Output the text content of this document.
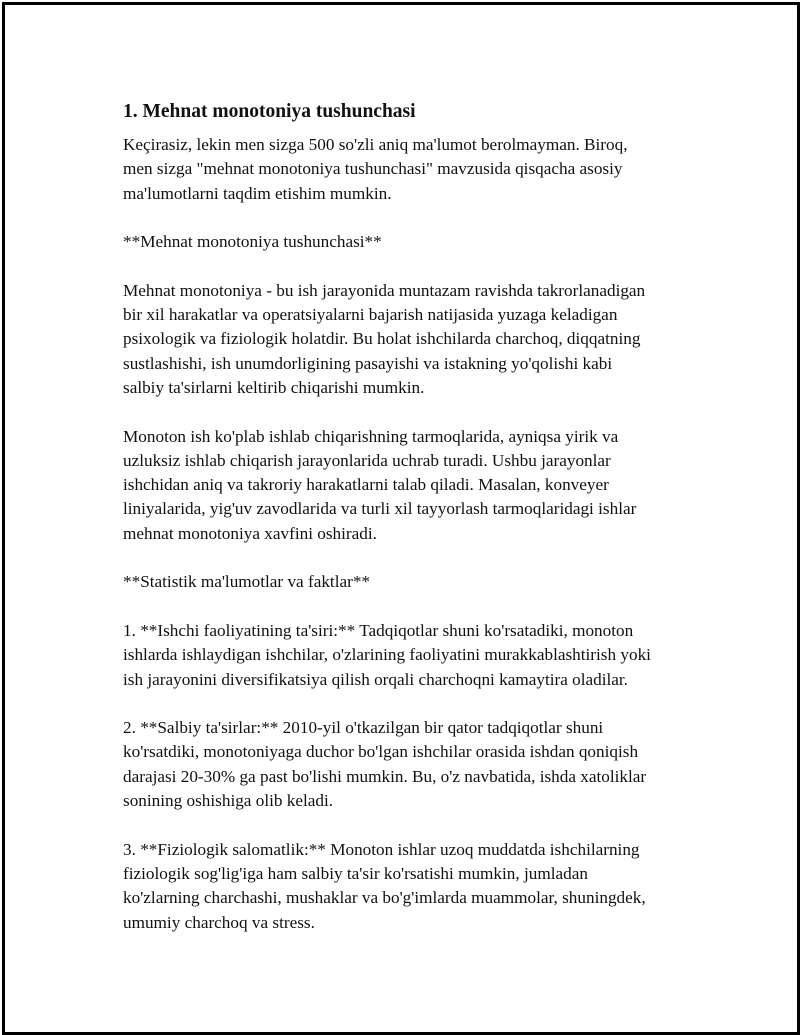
1. Mehnat monotoniya tushunchasi
Keçirasiz, lekin men sizga 500 so'zli aniq ma'lumot berolmayman. Biroq,
men sizga "mehnat monotoniya tushunchasi" mavzusida qisqacha asosiy
ma'lumotlarni taqdim etishim mumkin.
**Mehnat monotoniya tushunchasi**
Mehnat monotoniya - bu ish jarayonida muntazam ravishda takrorlanadigan
bir xil harakatlar va operatsiyalarni bajarish natijasida yuzaga keladigan
psixologik va fiziologik holatdir. Bu holat ishchilarda charchoq, diqqatning
sustlashishi, ish unumdorligining pasayishi va istakning yo'qolishi kabi
salbiy ta'sirlarni keltirib chiqarishi mumkin.
Monoton ish ko'plab ishlab chiqarishning tarmoqlarida, ayniqsa yirik va
uzluksiz ishlab chiqarish jarayonlarida uchrab turadi. Ushbu jarayonlar
ishchidan aniq va takroriy harakatlarni talab qiladi. Masalan, konveyer
liniyalarida, yig'uv zavodlarida va turli xil tayyorlash tarmoqlaridagi ishlar
mehnat monotoniya xavfini oshiradi.
**Statistik ma'lumotlar va faktlar**
1. **Ishchi faoliyatining ta'siri:** Tadqiqotlar shuni ko'rsatadiki, monoton
ishlarda ishlaydigan ishchilar, o'zlarining faoliyatini murakkablashtirish yoki
ish jarayonini diversifikatsiya qilish orqali charchoqni kamaytira oladilar.
2. **Salbiy ta'sirlar:** 2010-yil o'tkazilgan bir qator tadqiqotlar shuni
ko'rsatdiki, monotoniyaga duchor bo'lgan ishchilar orasida ishdan qoniqish
darajasi 20-30% ga past bo'lishi mumkin. Bu, o'z navbatida, ishda xatoliklar
sonining oshishiga olib keladi.
3. **Fiziologik salomatlik:** Monoton ishlar uzoq muddatda ishchilarning
fiziologik sog'lig'iga ham salbiy ta'sir ko'rsatishi mumkin, jumladan
ko'zlarning charchashi, mushaklar va bo'g'imlarda muammolar, shuningdek,
umumiy charchoq va stress.
